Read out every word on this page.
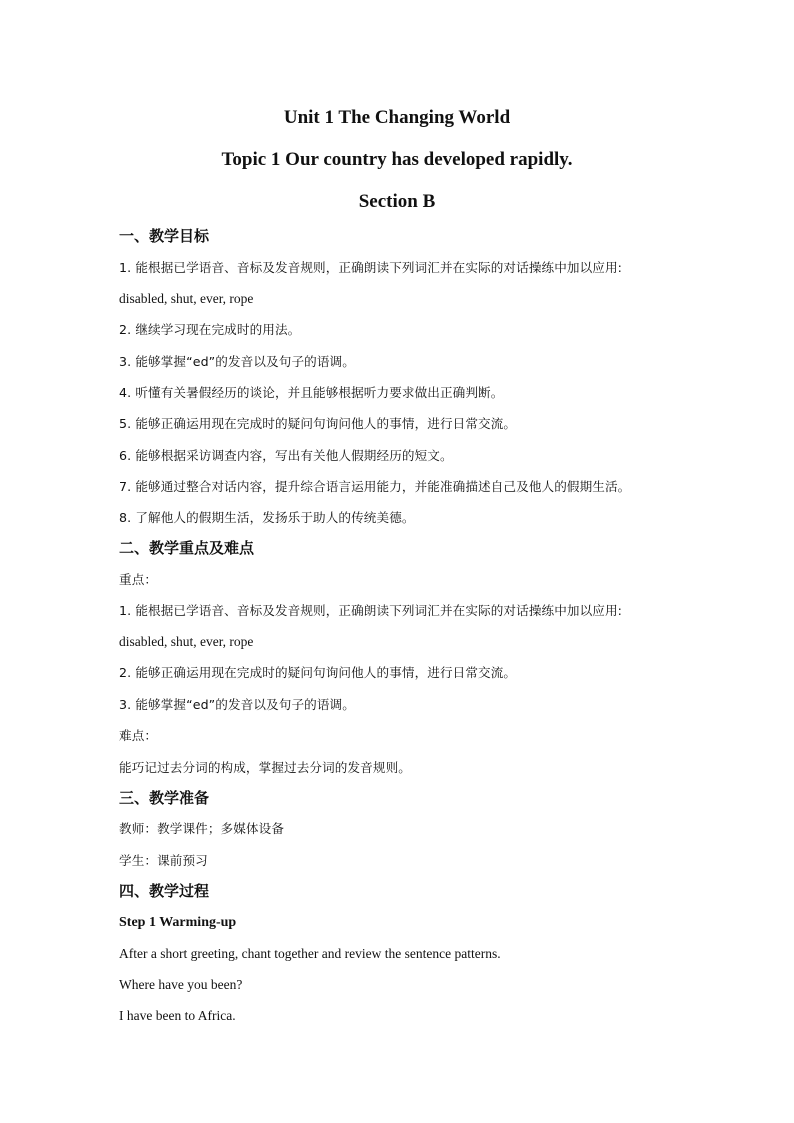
Unit 1 The Changing World
Topic 1 Our country has developed rapidly.
Section B
一、教学目标
1. 能根据已学语音、音标及发音规则，正确朗读下列词汇并在实际的对话操练中加以应用:
disabled, shut, ever, rope
2. 继续学习现在完成时的用法。
3. 能够掌握“ed”的发音以及句子的语调。
4. 听懂有关暑假经历的谈论，并且能够根据听力要求做出正确判断。
5. 能够正确运用现在完成时的疑问句询问他人的事情，进行日常交流。
6. 能够根据采访调查内容，写出有关他人假期经历的短文。
7. 能够通过整合对话内容，提升综合语言运用能力，并能准确描述自己及他人的假期生活。
8. 了解他人的假期生活，发扬乐于助人的传统美德。
二、教学重点及难点
重点：
1. 能根据已学语音、音标及发音规则，正确朗读下列词汇并在实际的对话操练中加以应用:
disabled, shut, ever, rope
2. 能够正确运用现在完成时的疑问句询问他人的事情，进行日常交流。
3. 能够掌握“ed”的发音以及句子的语调。
难点：
能巧记过去分词的构成，掌握过去分词的发音规则。
三、教学准备
教师：教学课件；多媒体设备
学生：课前预习
四、教学过程
Step 1 Warming-up
After a short greeting, chant together and review the sentence patterns.
Where have you been?
I have been to Africa.
